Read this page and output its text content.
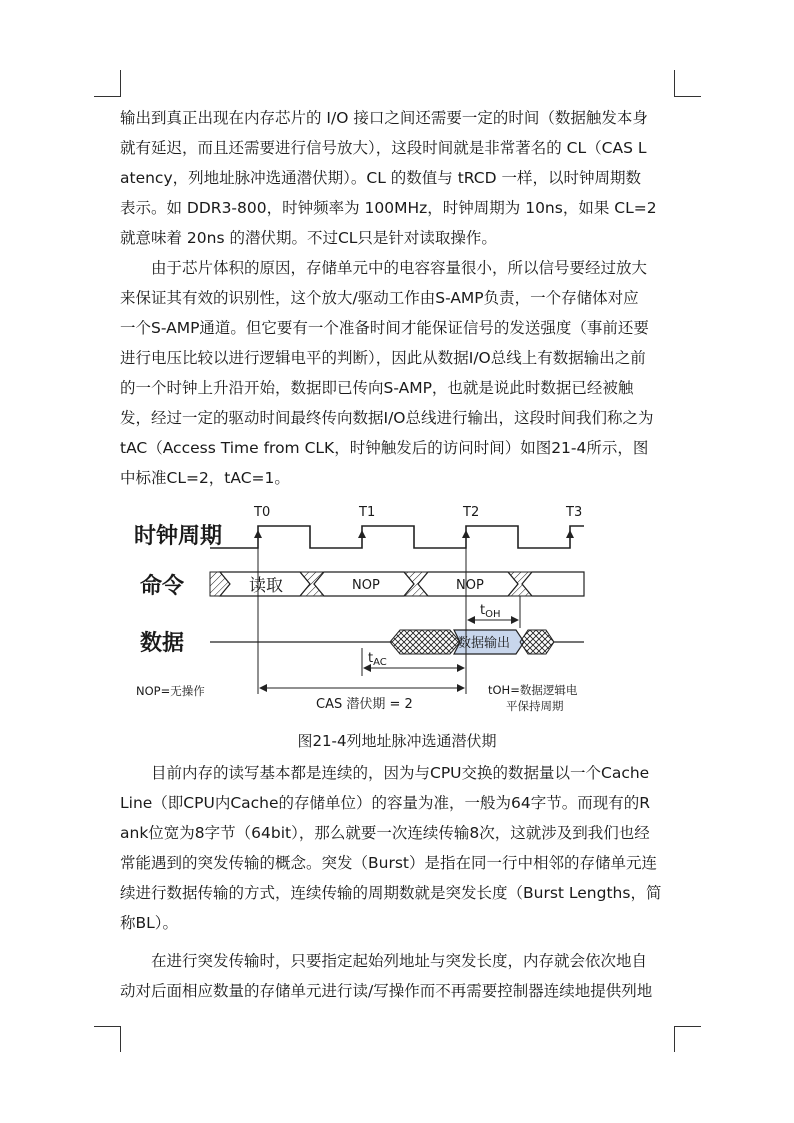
输出到真正出现在内存芯片的 I/O 接口之间还需要一定的时间（数据触发本身
就有延迟，而且还需要进行信号放大），这段时间就是非常著名的 CL（CAS L
atency，列地址脉冲选通潜伏期）。CL 的数值与 tRCD 一样，以时钟周期数
表示。如 DDR3-800，时钟频率为 100MHz，时钟周期为 10ns，如果 CL=2
就意味着 20ns 的潜伏期。不过CL只是针对读取操作。
　　由于芯片体积的原因，存储单元中的电容容量很小，所以信号要经过放大
来保证其有效的识别性，这个放大/驱动工作由S-AMP负责，一个存储体对应
一个S-AMP通道。但它要有一个准备时间才能保证信号的发送强度（事前还要
进行电压比较以进行逻辑电平的判断），因此从数据I/O总线上有数据输出之前
的一个时钟上升沿开始，数据即已传向S-AMP，也就是说此时数据已经被触
发，经过一定的驱动时间最终传向数据I/O总线进行输出，这段时间我们称之为
tAC（Access Time from CLK，时钟触发后的访问时间）如图21-4所示，图
中标准CL=2，tAC=1。
时钟周期
命令
数据
T0	T1	T2	T3
读取	NOP	NOP
数据输出
$t_{OH}$
$t_{AC}$
CAS 潜伏期 = 2
NOP=无操作	tOH=数据逻辑电
平保持周期
图21-4列地址脉冲选通潜伏期
　　目前内存的读写基本都是连续的，因为与CPU交换的数据量以一个Cache
Line（即CPU内Cache的存储单位）的容量为准，一般为64字节。而现有的R
ank位宽为8字节（64bit），那么就要一次连续传输8次，这就涉及到我们也经
常能遇到的突发传输的概念。突发（Burst）是指在同一行中相邻的存储单元连
续进行数据传输的方式，连续传输的周期数就是突发长度（Burst Lengths，简
称BL）。
　　在进行突发传输时，只要指定起始列地址与突发长度，内存就会依次地自
动对后面相应数量的存储单元进行读/写操作而不再需要控制器连续地提供列地
